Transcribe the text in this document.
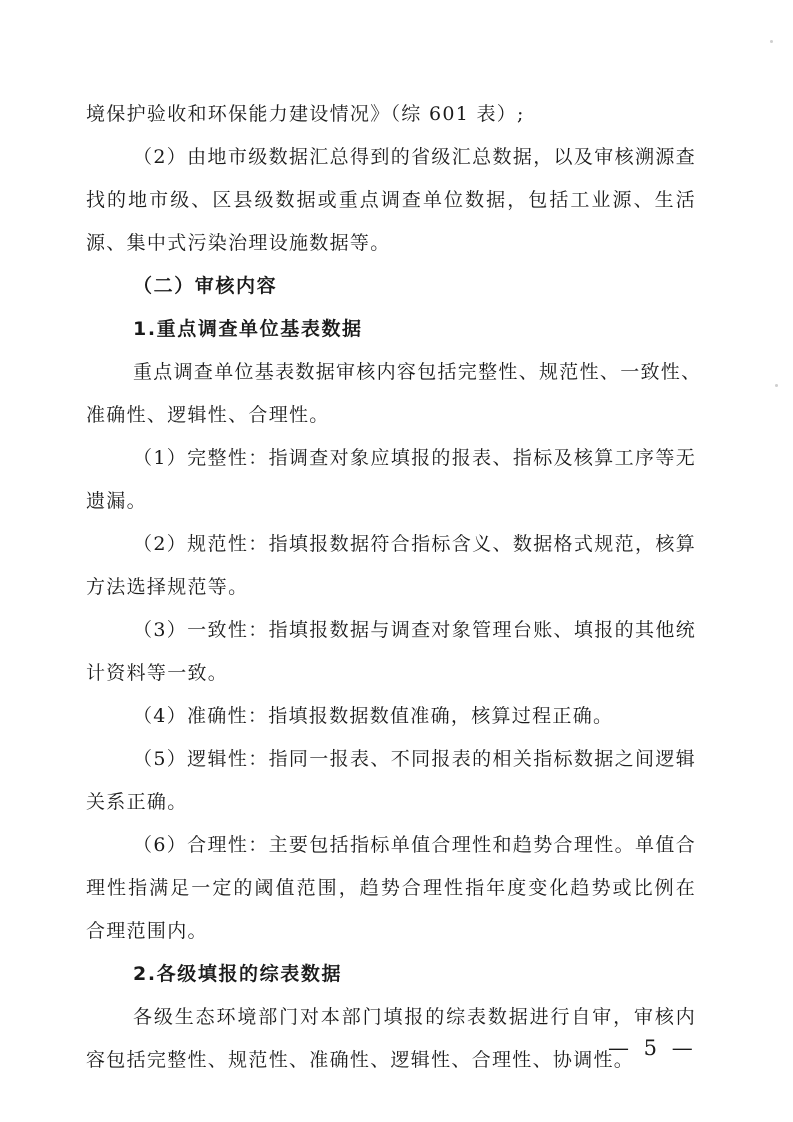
境保护验收和环保能力建设情况》（综 601 表）;
（2）由地市级数据汇总得到的省级汇总数据，以及审核溯源查
找的地市级、区县级数据或重点调查单位数据，包括工业源、生活
源、集中式污染治理设施数据等。
（二）审核内容
1.重点调查单位基表数据
重点调查单位基表数据审核内容包括完整性、规范性、一致性、
准确性、逻辑性、合理性。
（1）完整性：指调查对象应填报的报表、指标及核算工序等无
遗漏。
（2）规范性：指填报数据符合指标含义、数据格式规范，核算
方法选择规范等。
（3）一致性：指填报数据与调查对象管理台账、填报的其他统
计资料等一致。
（4）准确性：指填报数据数值准确，核算过程正确。
（5）逻辑性：指同一报表、不同报表的相关指标数据之间逻辑
关系正确。
（6）合理性：主要包括指标单值合理性和趋势合理性。单值合
理性指满足一定的阈值范围，趋势合理性指年度变化趋势或比例在
合理范围内。
2.各级填报的综表数据
各级生态环境部门对本部门填报的综表数据进行自审，审核内
容包括完整性、规范性、准确性、逻辑性、合理性、协调性。
— 5 —
